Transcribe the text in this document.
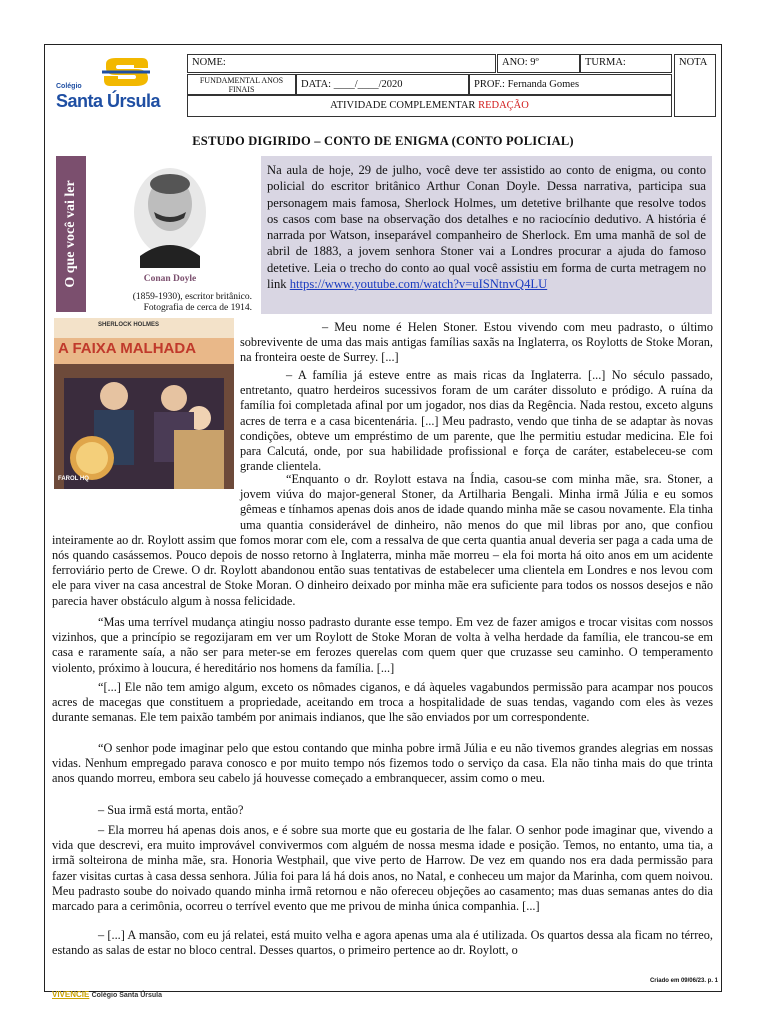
Colégio
Santa Úrsula
NOME:	ANO: 9º	TURMA:	NOTA
FUNDAMENTAL ANOS FINAIS	DATA: ____/____/2020	PROF.: Fernanda Gomes
ATIVIDADE COMPLEMENTAR REDAÇÃO
ESTUDO DIGIRIDO – CONTO DE ENIGMA (CONTO POLICIAL)
O que você vai ler	Conan Doyle
(1859-1930), escritor britânico.
Fotografia de cerca de 1914.
Na aula de hoje, 29 de julho, você deve ter assistido ao conto de enigma, ou conto policial do escritor britânico Arthur Conan Doyle. Dessa narrativa, participa sua personagem mais famosa, Sherlock Holmes, um detetive brilhante que resolve todos os casos com base na observação dos detalhes e no raciocínio dedutivo. A história é narrada por Watson, inseparável companheiro de Sherlock. Em uma manhã de sol de abril de 1883, a jovem senhora Stoner vai a Londres procurar a ajuda do famoso detetive. Leia o trecho do conto ao qual você assistiu em forma de curta metragem no link https://www.youtube.com/watch?v=uISNtnvQ4LU
SHERLOCK HOLMES
A FAIXA MALHADA
FAROL HQ
– Meu nome é Helen Stoner. Estou vivendo com meu padrasto, o último sobrevivente de uma das mais antigas famílias saxãs na Inglaterra, os Roylotts de Stoke Moran, na fronteira oeste de Surrey. [...]
– A família já esteve entre as mais ricas da Inglaterra. [...] No século passado, entretanto, quatro herdeiros sucessivos foram de um caráter dissoluto e pródigo. A ruína da família foi completada afinal por um jogador, nos dias da Regência. Nada restou, exceto alguns acres de terra e a casa bicentenária. [...] Meu padrasto, vendo que tinha de se adaptar às novas condições, obteve um empréstimo de um parente, que lhe permitiu estudar medicina. Ele foi para Calcutá, onde, por sua habilidade profissional e força de caráter, estabeleceu-se com grande clientela.
“Enquanto o dr. Roylott estava na Índia, casou-se com minha mãe, sra. Stoner, a jovem viúva do major-general Stoner, da Artilharia Bengali. Minha irmã Júlia e eu somos gêmeas e tínhamos apenas dois anos de idade quando minha mãe se casou novamente. Ela tinha uma quantia considerável de dinheiro, não menos do que mil libras por ano, que confiou inteiramente ao dr. Roylott assim que fomos morar com ele, com a ressalva de que certa quantia anual deveria ser paga a cada uma de nós quando casássemos. Pouco depois de nosso retorno à Inglaterra, minha mãe morreu – ela foi morta há oito anos em um acidente ferroviário perto de Crewe. O dr. Roylott abandonou então suas tentativas de estabelecer uma clientela em Londres e nos levou com ele para viver na casa ancestral de Stoke Moran. O dinheiro deixado por minha mãe era suficiente para todos os nossos desejos e não parecia haver obstáculo algum à nossa felicidade.
“Mas uma terrível mudança atingiu nosso padrasto durante esse tempo. Em vez de fazer amigos e trocar visitas com nossos vizinhos, que a princípio se regozijaram em ver um Roylott de Stoke Moran de volta à velha herdade da família, ele trancou-se em casa e raramente saía, a não ser para meter-se em ferozes querelas com quem quer que cruzasse seu caminho. O temperamento violento, próximo à loucura, é hereditário nos homens da família. [...]
“[...] Ele não tem amigo algum, exceto os nômades ciganos, e dá àqueles vagabundos permissão para acampar nos poucos acres de macegas que constituem a propriedade, aceitando em troca a hospitalidade de suas tendas, vagando com eles às vezes durante semanas. Ele tem paixão também por animais indianos, que lhe são enviados por um correspondente.
“O senhor pode imaginar pelo que estou contando que minha pobre irmã Júlia e eu não tivemos grandes alegrias em nossas vidas. Nenhum empregado parava conosco e por muito tempo nós fizemos todo o serviço da casa. Ela não tinha mais do que trinta anos quando morreu, embora seu cabelo já houvesse começado a embranquecer, assim como o meu.
– Sua irmã está morta, então?
– Ela morreu há apenas dois anos, e é sobre sua morte que eu gostaria de lhe falar. O senhor pode imaginar que, vivendo a vida que descrevi, era muito improvável convivermos com alguém de nossa mesma idade e posição. Temos, no entanto, uma tia, a irmã solteirona de minha mãe, sra. Honoria Westphail, que vive perto de Harrow. De vez em quando nos era dada permissão para fazer visitas curtas à casa dessa senhora. Júlia foi para lá há dois anos, no Natal, e conheceu um major da Marinha, com quem noivou. Meu padrasto soube do noivado quando minha irmã retornou e não ofereceu objeções ao casamento; mas duas semanas antes do dia marcado para a cerimônia, ocorreu o terrível evento que me privou de minha única companhia. [...]
– [...] A mansão, com eu já relatei, está muito velha e agora apenas uma ala é utilizada. Os quartos dessa ala ficam no térreo, estando as salas de estar no bloco central. Desses quartos, o primeiro pertence ao dr. Roylott, o
Criado em 09/06/23. p. 1
VIVENCIE Colégio Santa Úrsula
